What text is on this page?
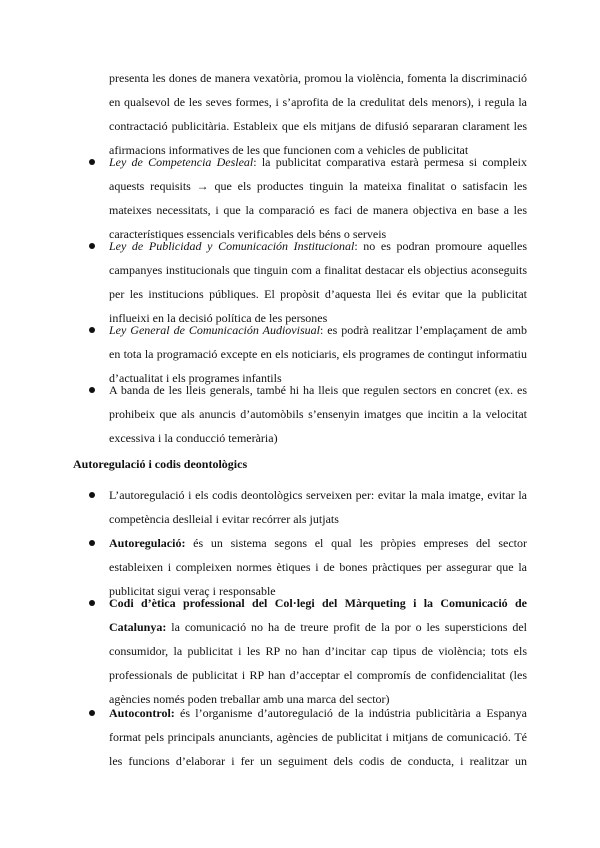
presenta les dones de manera vexatòria, promou la violència, fomenta la discriminació
en qualsevol de les seves formes, i s’aprofita de la credulitat dels menors), i regula la
contractació publicitària. Estableix que els mitjans de difusió separaran clarament les
afirmacions informatives de les que funcionen com a vehicles de publicitat
Ley de Competencia Desleal: la publicitat comparativa estarà permesa si compleix
aquests requisits → que els productes tinguin la mateixa finalitat o satisfacin les
mateixes necessitats, i que la comparació es faci de manera objectiva en base a les
característiques essencials verificables dels béns o serveis
Ley de Publicidad y Comunicación Institucional: no es podran promoure aquelles
campanyes institucionals que tinguin com a finalitat destacar els objectius aconseguits
per les institucions públiques. El propòsit d’aquesta llei és evitar que la publicitat
influeixi en la decisió política de les persones
Ley General de Comunicación Audiovisual: es podrà realitzar l’emplaçament de amb
en tota la programació excepte en els noticiaris, els programes de contingut informatiu
d’actualitat i els programes infantils
A banda de les lleis generals, també hi ha lleis que regulen sectors en concret (ex. es
prohibeix que als anuncis d’automòbils s’ensenyin imatges que incitin a la velocitat
excessiva i la conducció temerària)
Autoregulació i codis deontològics
L’autoregulació i els codis deontològics serveixen per: evitar la mala imatge, evitar la
competència deslleial i evitar recórrer als jutjats
Autoregulació: és un sistema segons el qual les pròpies empreses del sector
estableixen i compleixen normes ètiques i de bones pràctiques per assegurar que la
publicitat sigui veraç i responsable
Codi d’ètica professional del Col·legi del Màrqueting i la Comunicació de
Catalunya: la comunicació no ha de treure profit de la por o les supersticions del
consumidor, la publicitat i les RP no han d’incitar cap tipus de violència; tots els
professionals de publicitat i RP han d’acceptar el compromís de confidencialitat (les
agències només poden treballar amb una marca del sector)
Autocontrol: és l’organisme d’autoregulació de la indústria publicitària a Espanya
format pels principals anunciants, agències de publicitat i mitjans de comunicació. Té
les funcions d’elaborar i fer un seguiment dels codis de conducta, i realitzar un
